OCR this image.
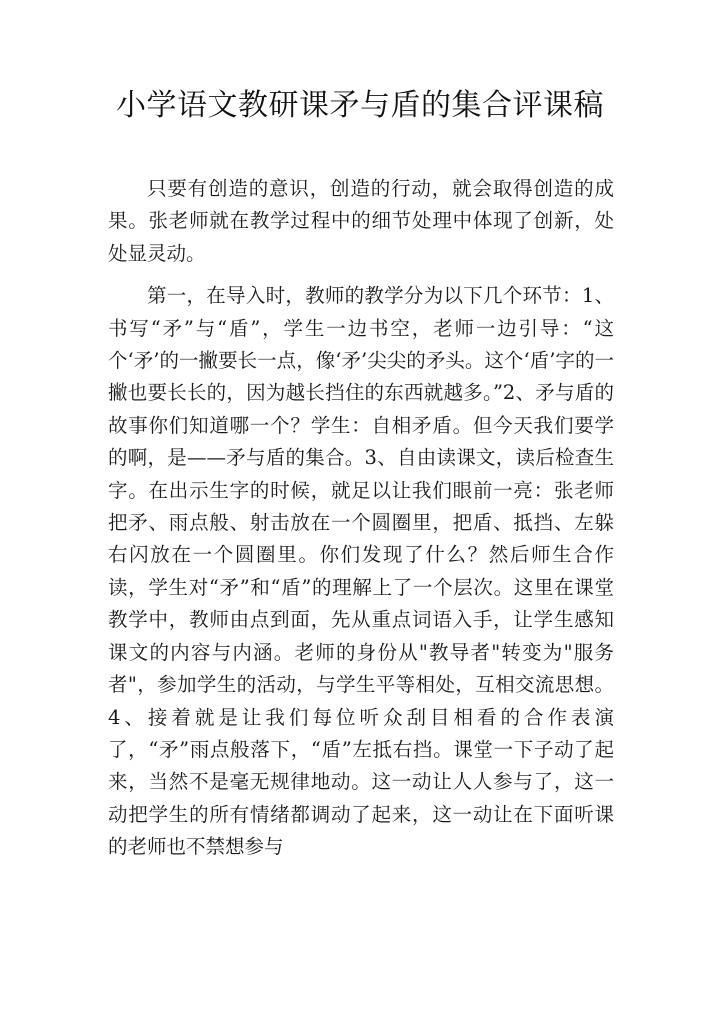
小学语文教研课矛与盾的集合评课稿

只要有创造的意识，创造的行动，就会取得创造的成果。张老师就在教学过程中的细节处理中体现了创新，处处显灵动。

第一，在导入时，教师的教学分为以下几个环节：1、书写“矛”与“盾”，学生一边书空，老师一边引导：“这个‘矛’的一撇要长一点，像‘矛’尖尖的矛头。这个‘盾’字的一撇也要长长的，因为越长挡住的东西就越多。”2、矛与盾的故事你们知道哪一个？学生：自相矛盾。但今天我们要学的啊，是——矛与盾的集合。3、自由读课文，读后检查生字。在出示生字的时候，就足以让我们眼前一亮：张老师把矛、雨点般、射击放在一个圆圈里，把盾、抵挡、左躲右闪放在一个圆圈里。你们发现了什么？然后师生合作读，学生对“矛”和“盾”的理解上了一个层次。这里在课堂教学中，教师由点到面，先从重点词语入手，让学生感知课文的内容与内涵。老师的身份从"教导者"转变为"服务者"，参加学生的活动，与学生平等相处，互相交流思想。4、接着就是让我们每位听众刮目相看的合作表演了，“矛”雨点般落下，“盾”左抵右挡。课堂一下子动了起来，当然不是毫无规律地动。这一动让人人参与了，这一动把学生的所有情绪都调动了起来，这一动让在下面听课的老师也不禁想参与
